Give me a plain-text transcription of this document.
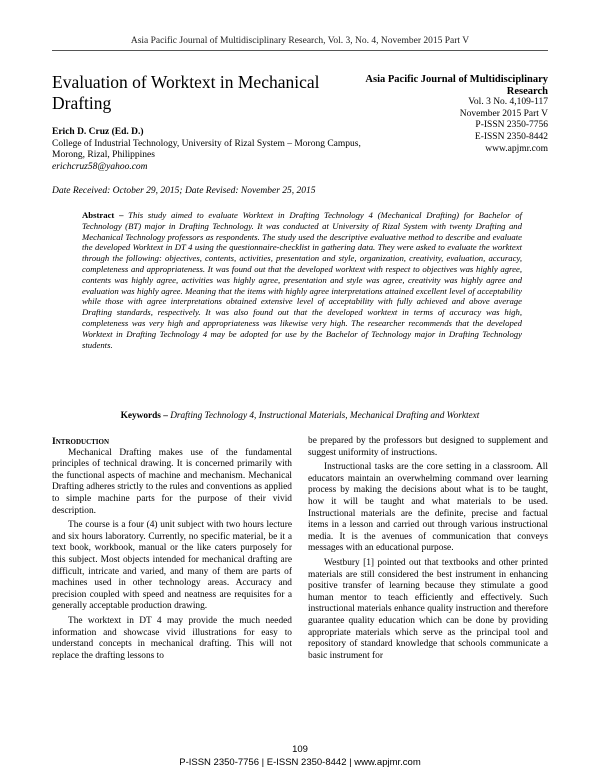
Asia Pacific Journal of Multidisciplinary Research, Vol. 3, No. 4, November 2015 Part V
Evaluation of Worktext in Mechanical Drafting
Asia Pacific Journal of Multidisciplinary Research
Vol. 3 No. 4,109-117
November 2015 Part V
P-ISSN 2350-7756
E-ISSN 2350-8442
www.apjmr.com
Erich D. Cruz (Ed. D.)
College of Industrial Technology, University of Rizal System – Morong Campus, Morong, Rizal, Philippines
erichcruz58@yahoo.com
Date Received: October 29, 2015; Date Revised: November 25, 2015
Abstract – This study aimed to evaluate Worktext in Drafting Technology 4 (Mechanical Drafting) for Bachelor of Technology (BT) major in Drafting Technology. It was conducted at University of Rizal System with twenty Drafting and Mechanical Technology professors as respondents. The study used the descriptive evaluative method to describe and evaluate the developed Worktext in DT 4 using the questionnaire-checklist in gathering data. They were asked to evaluate the worktext through the following: objectives, contents, activities, presentation and style, organization, creativity, evaluation, accuracy, completeness and appropriateness. It was found out that the developed worktext with respect to objectives was highly agree, contents was highly agree, activities was highly agree, presentation and style was agree, creativity was highly agree and evaluation was highly agree. Meaning that the items with highly agree interpretations attained excellent level of acceptability while those with agree interpretations obtained extensive level of acceptability with fully achieved and above average Drafting standards, respectively. It was also found out that the developed worktext in terms of accuracy was high, completeness was very high and appropriateness was likewise very high. The researcher recommends that the developed Worktext in Drafting Technology 4 may be adopted for use by the Bachelor of Technology major in Drafting Technology students.
Keywords – Drafting Technology 4, Instructional Materials, Mechanical Drafting and Worktext
Introduction

Mechanical Drafting makes use of the fundamental principles of technical drawing. It is concerned primarily with the functional aspects of machine and mechanism. Mechanical Drafting adheres strictly to the rules and conventions as applied to simple machine parts for the purpose of their vivid description.

The course is a four (4) unit subject with two hours lecture and six hours laboratory. Currently, no specific material, be it a text book, workbook, manual or the like caters purposely for this subject. Most objects intended for mechanical drafting are difficult, intricate and varied, and many of them are parts of machines used in other technology areas. Accuracy and precision coupled with speed and neatness are requisites for a generally acceptable production drawing.

The worktext in DT 4 may provide the much needed information and showcase vivid illustrations for easy to understand concepts in mechanical drafting. This will not replace the drafting lessons to

be prepared by the professors but designed to supplement and suggest uniformity of instructions.

Instructional tasks are the core setting in a classroom. All educators maintain an overwhelming command over learning process by making the decisions about what is to be taught, how it will be taught and what materials to be used. Instructional materials are the definite, precise and factual items in a lesson and carried out through various instructional media. It is the avenues of communication that conveys messages with an educational purpose.

Westbury [1] pointed out that textbooks and other printed materials are still considered the best instrument in enhancing positive transfer of learning because they stimulate a good human mentor to teach efficiently and effectively. Such instructional materials enhance quality instruction and therefore guarantee quality education which can be done by providing appropriate materials which serve as the principal tool and repository of standard knowledge that schools communicate a basic instrument for

109
P-ISSN 2350-7756 | E-ISSN 2350-8442 | www.apjmr.com
